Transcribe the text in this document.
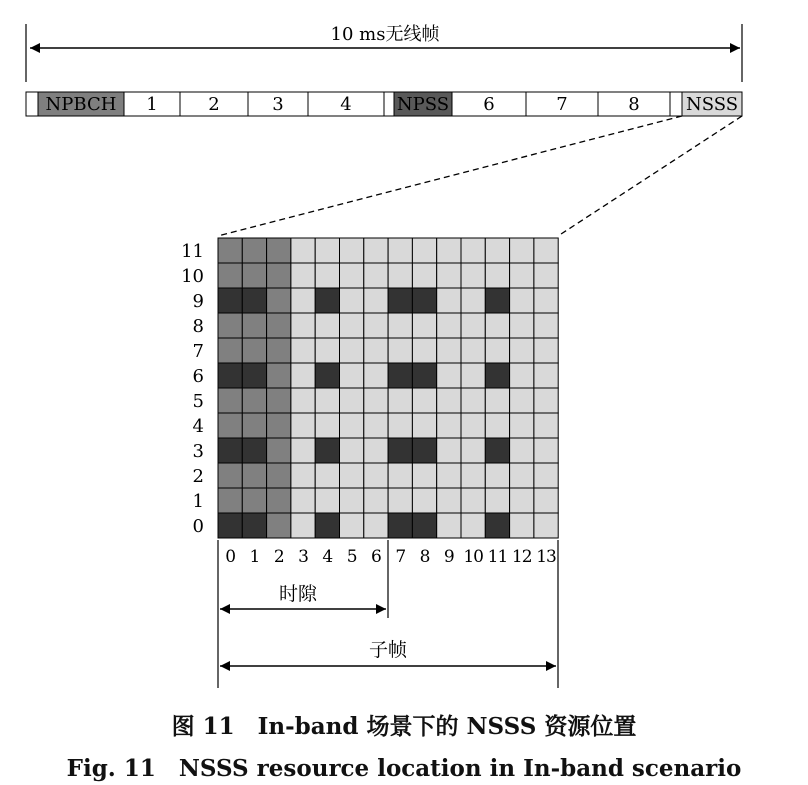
10 ms无线帧
NPBCH 1	2	3	4	NPSS 6	7	8	NSSS
11
10
9
8
7
6
5
4
3
2
1
0
0 1 2 3 4 5 6 7 8 9 10 11 12 13
时隙
子帧
图 11　In-band 场景下的 NSSS 资源位置
Fig. 11　NSSS resource location in In-band scenario
